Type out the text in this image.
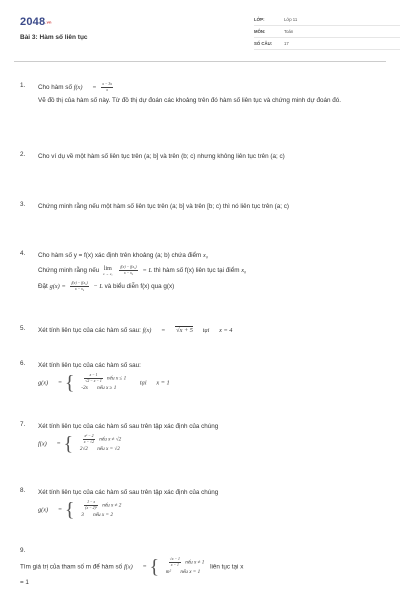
2048.vn
Bài 3: Hàm số liên tục
LỚP:	Lớp 11
MÔN:	Toán
SỐ CÂU:	17
1. Cho hàm số $f(x) = \frac{x - 3x}{x}$
Vẽ đồ thị của hàm số này. Từ đồ thị dự đoán các khoảng trên đó hàm số liên tục và chứng minh dự đoán đó.
2. Cho ví dụ về một hàm số liên tục trên (a; b] và trên (b; c) nhưng không liên tục trên (a; c)
3. Chứng minh rằng nếu một hàm số liên tục trên (a; b] và trên [b; c) thì nó liên tục trên (a; c)
4. Cho hàm số y = f(x) xác định trên khoảng (a; b) chứa điểm x₀
Chứng minh rằng nếu lim
x → x₀
$\frac{\text{f(x) − f(x₀)}}{\text{x − x₀}} = L$ thì hàm số f(x) liên tục tại điểm x₀
Đặt $g(x) = \frac{\text{f(x) − f(x₀)}}{\text{x − x₀}} - L$ và biểu diễn f(x) qua g(x)
5. Xét tính liên tục của các hàm số sau: f(x) = √x + 5 tại x = 4
6. Xét tính liên tục của các hàm số sau:
g(x) = {	$\frac{x - 1}{√2 - x - 1}$ nếu x ≤ 1
-2x nếu x ≥ 1
tại x = 1
7. Xét tính liên tục của các hàm số sau trên tập xác định của chúng
f(x) = {	$\frac{\text{x² − 2}}{x - √2}$ nếu x ≠ √2
2√2 nếu x = √2
8. Xét tính liên tục của các hàm số sau trên tập xác định của chúng
g(x) = {	$\frac{1 - x}{\text{(x − 2)²}}$ nếu x ≠ 2
3 nếu x = 2
9.
Tìm giá trị của tham số m để hàm số f(x) = {	$\frac{√x - 1}{x - 1}$ nếu x ≠ 1
m² nếu x = 1
liên tục tại x
= 1
